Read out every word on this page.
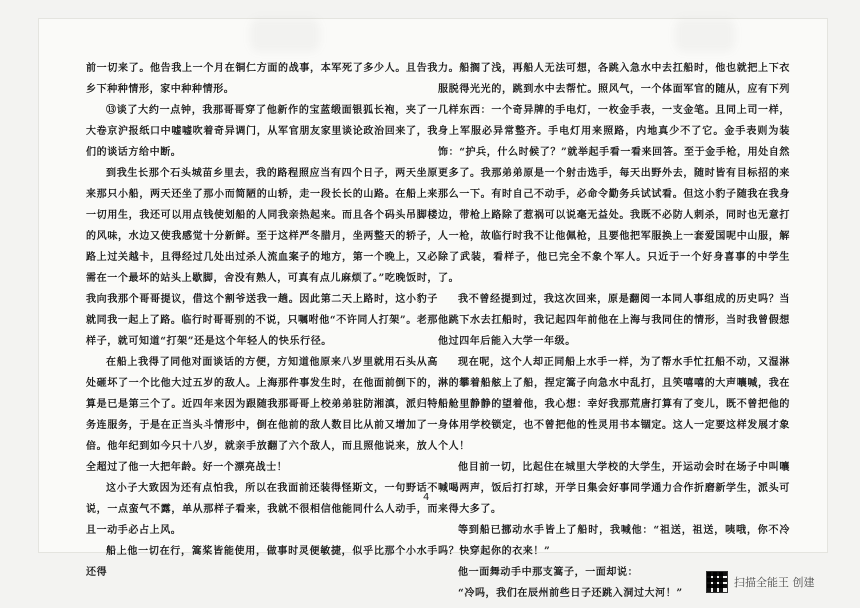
前一切来了。他告我上一个月在铜仁方面的战事，本军死了多少人。且告我乡下种种情形，家中种种情形。

⑬谈了大约一点钟，我那哥哥穿了他新作的宝蓝缎面银狐长袍，夹了一大卷京沪报纸口中嘘嘘吹着奇异调门，从军官朋友家里谈论政治回来了，我们的谈话方给中断。

到我生长那个石头城苗乡里去，我的路程照应当有四个日子，两天坐原来那只小船，两天还坐了那小而简陋的山轿，走一段长长的山路。在船上来一切用生，我还可以用点钱使划船的人同我亲热起来。而且各个码头吊脚楼的风味，水边又使我感觉十分新鲜。至于这样严冬腊月，坐两整天的轿子，路上过关越卡，且得经过几处出过杀人流血案子的地方，第一个晚上，又必需在一个最坏的站头上歇脚，舍没有熟人，可真有点儿麻烦了。”吃晚饭时，我向我那个哥哥提议，借这个割爷送我一趟。因此第二天上路时，这小豹子就同我一起上了路。临行时哥哥别的不说，只嘱咐他“不许同人打架”。老那样子，就可知道“打架”还是这个年轻人的快乐行径。

在船上我得了同他对面谈话的方便，方知道他原来八岁里就用石头从高处砸坏了一个比他大过五岁的敌人。上海那件事发生时，在他面前倒下的，算是已是第三个了。近四年来因为跟随我那哥哥上校弟弟驻防湘滇，派归特务连服务，于是在正当头斗情形中，倒在他前的敌人数目比从前又增加了一倍。他年纪到如今只十八岁，就亲手放翻了六个敌人，而且照他说来，放人全超过了他一大把年龄。好一个漂亮战士！

这小子大致因为还有点怕我，所以在我面前还装得怪斯文，一句野话不说，一点蛮气不露，单从那样子看来，我就不很相信他能同什么人动手，而且一动手必占上风。

船上他一切在行，篙桨皆能使用，做事时灵便敏捷，似乎比那个小水手还得

力。船搁了浅，再船人无法可想，各跳入急水中去扛船时，他也就把上下衣服脱得光光的，跳到水中去帮忙。照风气，一个体面军官的随从，应有下列几样东西：一个奇异牌的手电灯，一枚金手表，一支金笔。且同上司一样，身上军服必异常整齐。手电灯用来照路，内地真少不了它。金手表则为装饰：“护兵，什么时候了？”就举起手看一看来回答。至于金手枪，用处自然更多了。我那弟弟原是一个射击选手，每天出野外去，随时皆有目标招的来那么一下。有时自己不动手，必命令勤务兵试试看。但这小豹子随我在我身边，带枪上路除了惹祸可以说毫无益处。我既不必防人刺杀，同时也无意打人一枪，故临行时我不让他佩枪，且要他把军服换上一套爱国呢中山服，解除了武装，看样子，他已完全不象个军人。只近于一个好身喜事的中学生了。

我不曾经提到过，我这次回来，原是翻阅一本同人事组成的历史吗？当他跳下水去扛船时，我记起四年前他在上海与我同住的情形，当时我曾假想他过四年后能入大学一年级。

现在呢，这个人却正同船上水手一样，为了帮水手忙扛船不动，又湿淋淋的攀着船舷上了船，捏定篙子向急水中乱打，且笑嘻嘻的大声嚷喊，我在船舱里静静的望着他，我心想：幸好我那荒唐打算有了变儿，既不曾把他的身体用学校锁定，也不曾把他的性灵用书本锢定。这人一定要这样发展才象个人！

他目前一切，比起住在城里大学校的大学生，开运动会时在场子中叫嚷喊喝两声，饭后打打球，开学日集会好事同学通力合作折磨新学生，派头可来得大多了。

等到船已挪动水手皆上了船时，我喊他：“祖送，祖送，咦哦，你不冷吗？快穿起你的衣来！”

他一面舞动手中那支篙子，一面却说：

“冷吗，我们在辰州前些日子还跳入洞过大河！”

4
扫描全能王 创建
